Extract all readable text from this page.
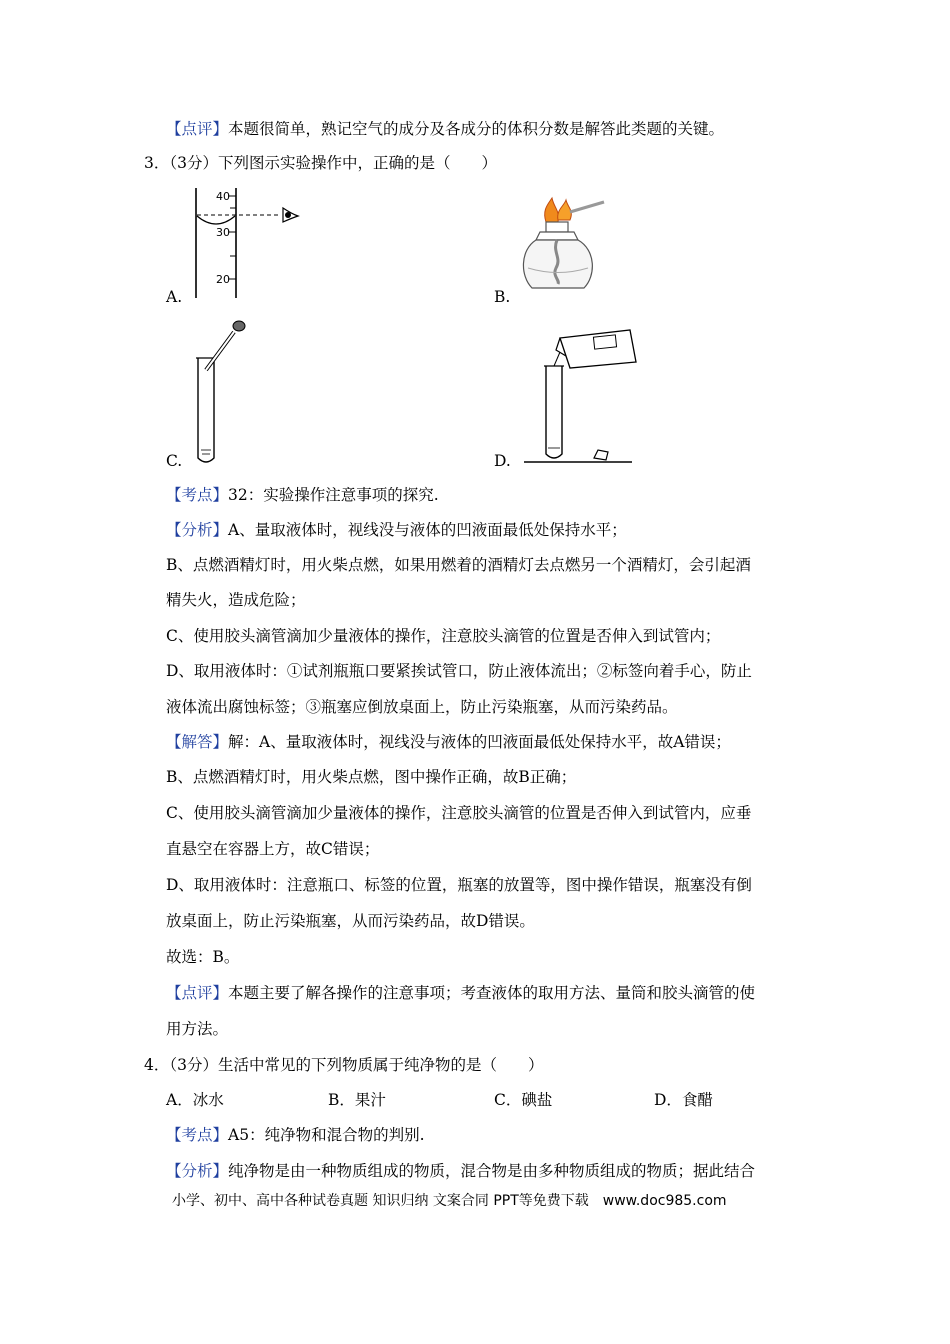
【点评】本题很简单，熟记空气的成分及各成分的体积分数是解答此类题的关键。
3．（3分）下列图示实验操作中，正确的是（　　）
40
30
20
A.	B.
C.	D.
【考点】32：实验操作注意事项的探究.
【分析】A、量取液体时，视线没与液体的凹液面最低处保持水平；
B、点燃酒精灯时，用火柴点燃，如果用燃着的酒精灯去点燃另一个酒精灯，会引起酒
精失火，造成危险；
C、使用胶头滴管滴加少量液体的操作，注意胶头滴管的位置是否伸入到试管内；
D、取用液体时：①试剂瓶瓶口要紧挨试管口，防止液体流出；②标签向着手心，防止
液体流出腐蚀标签；③瓶塞应倒放桌面上，防止污染瓶塞，从而污染药品。
【解答】解：A、量取液体时，视线没与液体的凹液面最低处保持水平，故A错误；
B、点燃酒精灯时，用火柴点燃，图中操作正确，故B正确；
C、使用胶头滴管滴加少量液体的操作，注意胶头滴管的位置是否伸入到试管内，应垂
直悬空在容器上方，故C错误；
D、取用液体时：注意瓶口、标签的位置，瓶塞的放置等，图中操作错误，瓶塞没有倒
放桌面上，防止污染瓶塞，从而污染药品，故D错误。
故选：B。
【点评】本题主要了解各操作的注意事项；考查液体的取用方法、量筒和胶头滴管的使
用方法。
4．（3分）生活中常见的下列物质属于纯净物的是（　　）
A．冰水	B．果汁	C．碘盐	D．食醋
【考点】A5：纯净物和混合物的判别.
【分析】纯净物是由一种物质组成的物质，混合物是由多种物质组成的物质；据此结合
小学、初中、高中各种试卷真题 知识归纳 文案合同 PPT等免费下载　www.doc985.com
